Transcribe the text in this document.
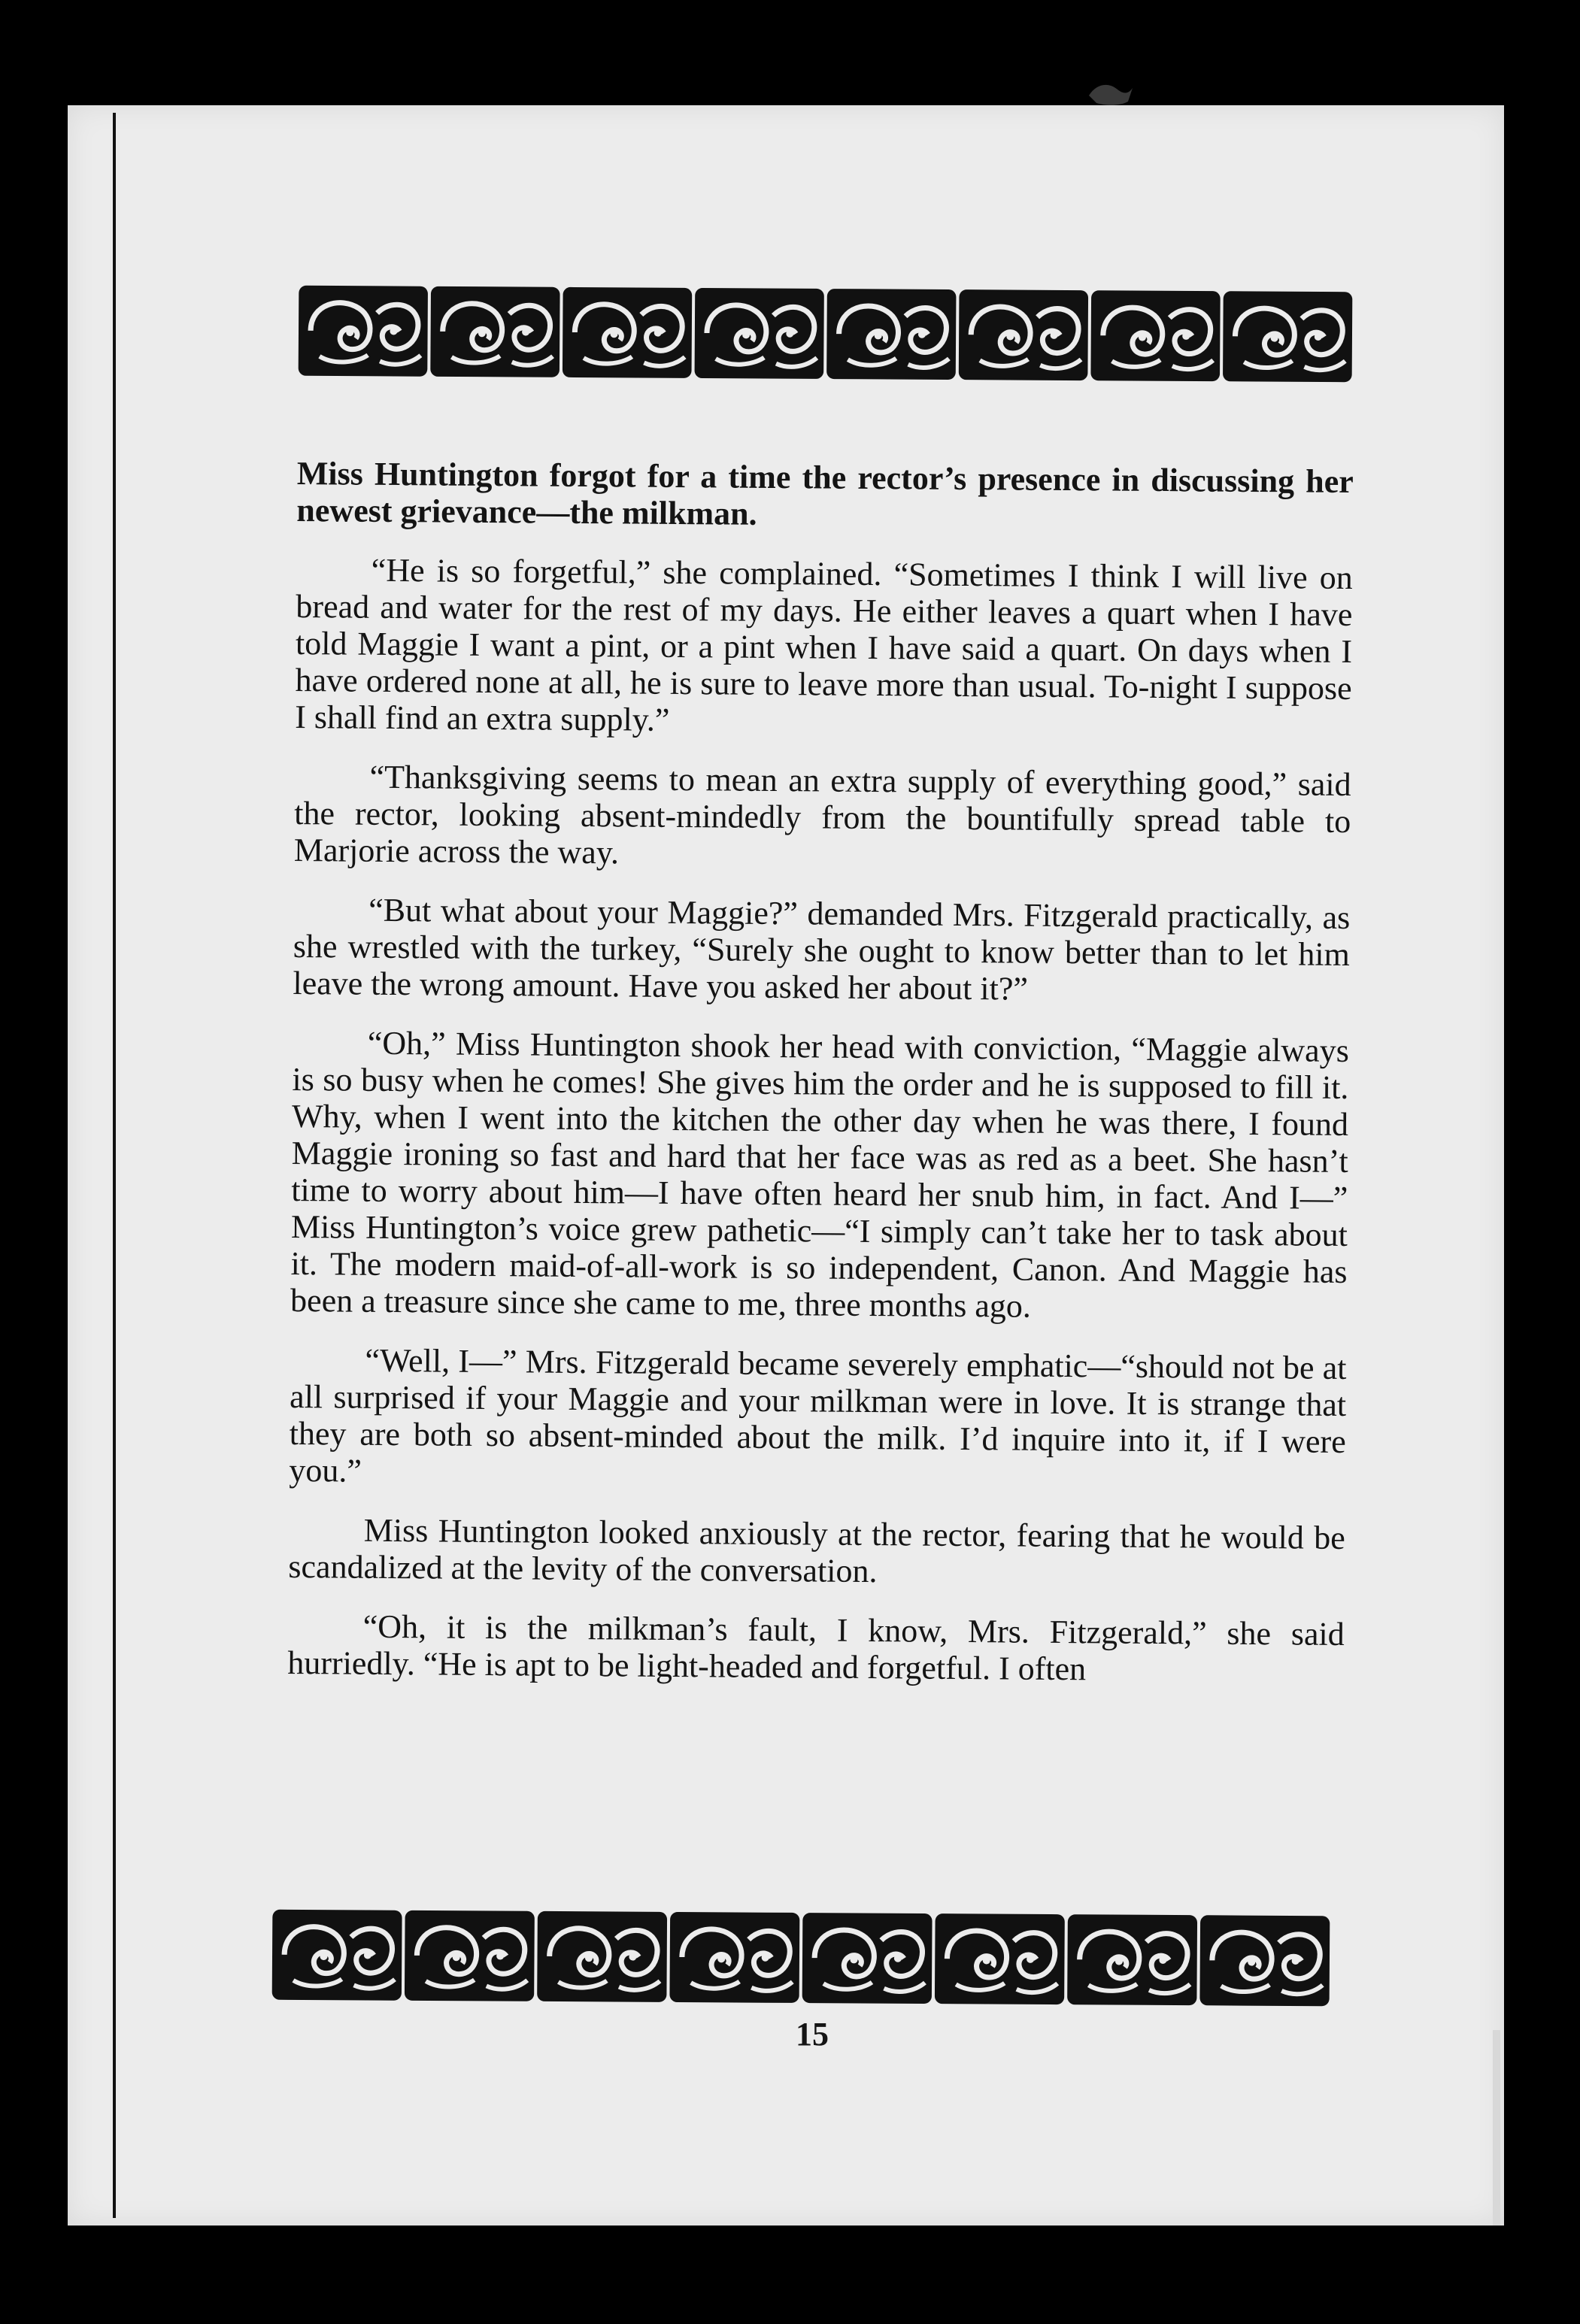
Miss Huntington forgot for a time the rector’s presence in discussing her newest grievance—the milkman.

“He is so forgetful,” she complained. “Sometimes I think I will live on bread and water for the rest of my days. He either leaves a quart when I have told Maggie I want a pint, or a pint when I have said a quart. On days when I have ordered none at all, he is sure to leave more than usual. To-night I suppose I shall find an extra supply.”

“Thanksgiving seems to mean an extra supply of everything good,” said the rector, looking absent-mindedly from the bountifully spread table to Marjorie across the way.

“But what about your Maggie?” demanded Mrs. Fitzgerald practically, as she wrestled with the turkey, “Surely she ought to know better than to let him leave the wrong amount. Have you asked her about it?”

“Oh,” Miss Huntington shook her head with conviction, “Maggie always is so busy when he comes! She gives him the order and he is supposed to fill it. Why, when I went into the kitchen the other day when he was there, I found Maggie ironing so fast and hard that her face was as red as a beet. She hasn’t time to worry about him—I have often heard her snub him, in fact. And I—” Miss Huntington’s voice grew pathetic—“I simply can’t take her to task about it. The modern maid-of-all-work is so independent, Canon. And Maggie has been a treasure since she came to me, three months ago.

“Well, I—” Mrs. Fitzgerald became severely emphatic—“should not be at all surprised if your Maggie and your milkman were in love. It is strange that they are both so absent-minded about the milk. I’d inquire into it, if I were you.”

Miss Huntington looked anxiously at the rector, fearing that he would be scandalized at the levity of the conversation.

“Oh, it is the milkman’s fault, I know, Mrs. Fitzgerald,” she said hurriedly. “He is apt to be light-headed and forgetful. I often

15
